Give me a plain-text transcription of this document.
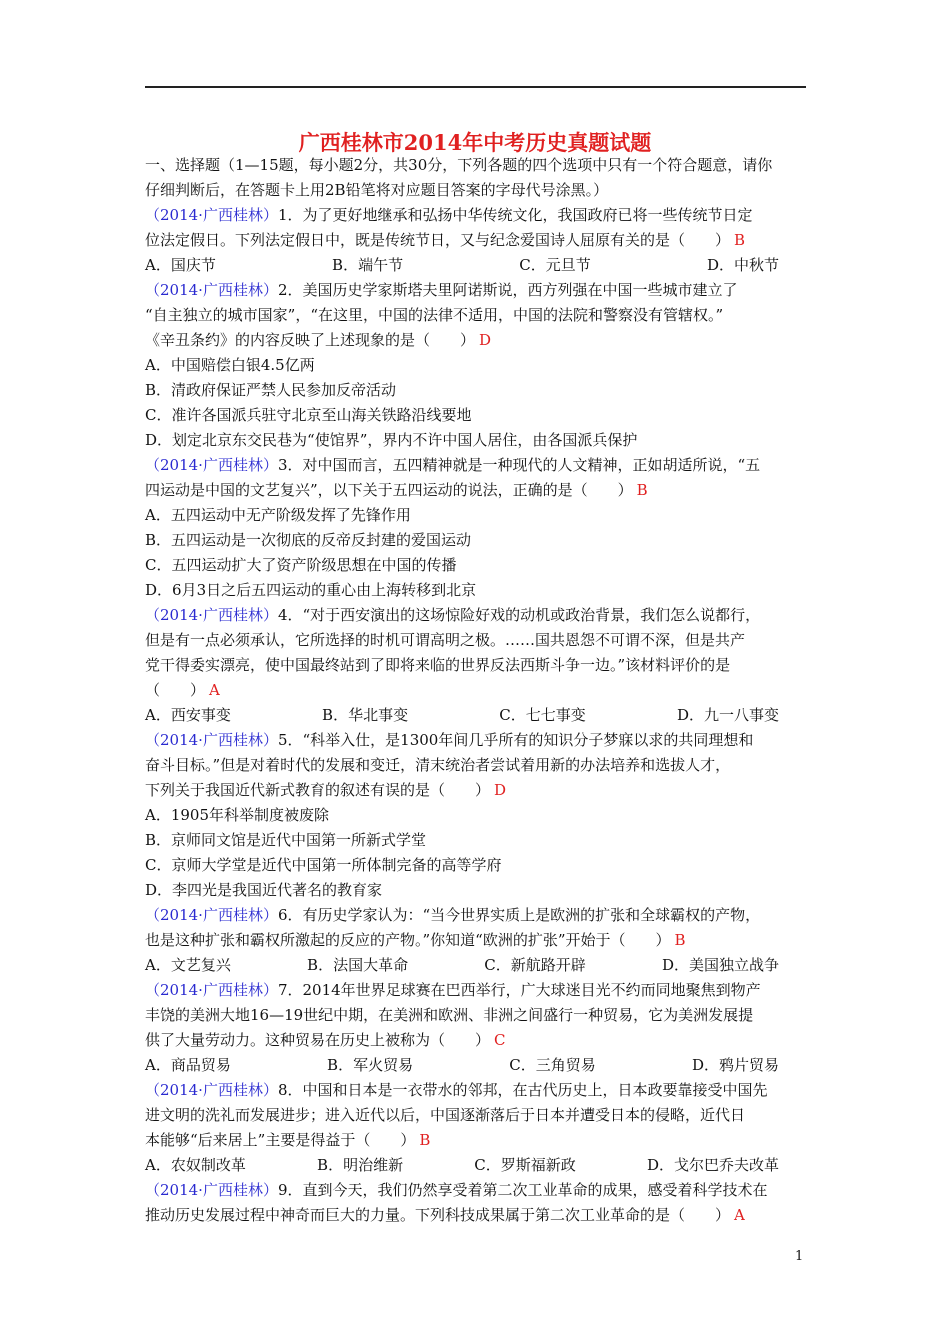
广西桂林市2014年中考历史真题试题
一、选择题（1—15题，每小题2分，共30分，下列各题的四个选项中只有一个符合题意，请你
仔细判断后，在答题卡上用2B铅笔将对应题目答案的字母代号涂黑。）
（2014·广西桂林）1．为了更好地继承和弘扬中华传统文化，我国政府已将一些传统节日定
位法定假日。下列法定假日中，既是传统节日，又与纪念爱国诗人屈原有关的是（　　） B
A．国庆节	B．端午节	C．元旦节	D．中秋节
（2014·广西桂林）2．美国历史学家斯塔夫里阿诺斯说，西方列强在中国一些城市建立了
“自主独立的城市国家”，“在这里，中国的法律不适用，中国的法院和警察没有管辖权。”
《辛丑条约》的内容反映了上述现象的是（　　） D
A．中国赔偿白银4.5亿两
B．清政府保证严禁人民参加反帝活动
C．准许各国派兵驻守北京至山海关铁路沿线要地
D．划定北京东交民巷为“使馆界”，界内不许中国人居住，由各国派兵保护
（2014·广西桂林）3．对中国而言，五四精神就是一种现代的人文精神，正如胡适所说，“五
四运动是中国的文艺复兴”，以下关于五四运动的说法，正确的是（　　） B
A．五四运动中无产阶级发挥了先锋作用
B．五四运动是一次彻底的反帝反封建的爱国运动
C．五四运动扩大了资产阶级思想在中国的传播
D．6月3日之后五四运动的重心由上海转移到北京
（2014·广西桂林）4．“对于西安演出的这场惊险好戏的动机或政治背景，我们怎么说都行，
但是有一点必须承认，它所选择的时机可谓高明之极。……国共恩怨不可谓不深，但是共产
党干得委实漂亮，使中国最终站到了即将来临的世界反法西斯斗争一边。”该材料评价的是
（　　） A
A．西安事变	B．华北事变	C．七七事变	D．九一八事变
（2014·广西桂林）5．“科举入仕，是1300年间几乎所有的知识分子梦寐以求的共同理想和
奋斗目标。”但是对着时代的发展和变迁，清末统治者尝试着用新的办法培养和选拔人才，
下列关于我国近代新式教育的叙述有误的是（　　） D
A．1905年科举制度被废除
B．京师同文馆是近代中国第一所新式学堂
C．京师大学堂是近代中国第一所体制完备的高等学府
D．李四光是我国近代著名的教育家
（2014·广西桂林）6．有历史学家认为：“当今世界实质上是欧洲的扩张和全球霸权的产物，
也是这种扩张和霸权所激起的反应的产物。”你知道“欧洲的扩张”开始于（　　） B
A．文艺复兴	B．法国大革命	C．新航路开辟	D．美国独立战争
（2014·广西桂林）7．2014年世界足球赛在巴西举行，广大球迷目光不约而同地聚焦到物产
丰饶的美洲大地16—19世纪中期，在美洲和欧洲、非洲之间盛行一种贸易，它为美洲发展提
供了大量劳动力。这种贸易在历史上被称为（　　） C
A．商品贸易	B．军火贸易	C．三角贸易	D．鸦片贸易
（2014·广西桂林）8．中国和日本是一衣带水的邻邦，在古代历史上，日本政要靠接受中国先
进文明的洗礼而发展进步；进入近代以后，中国逐渐落后于日本并遭受日本的侵略，近代日
本能够“后来居上”主要是得益于（　　） B
A．农奴制改革	B．明治维新	C．罗斯福新政	D．戈尔巴乔夫改革
（2014·广西桂林）9．直到今天，我们仍然享受着第二次工业革命的成果，感受着科学技术在
推动历史发展过程中神奇而巨大的力量。下列科技成果属于第二次工业革命的是（　　） A
1
